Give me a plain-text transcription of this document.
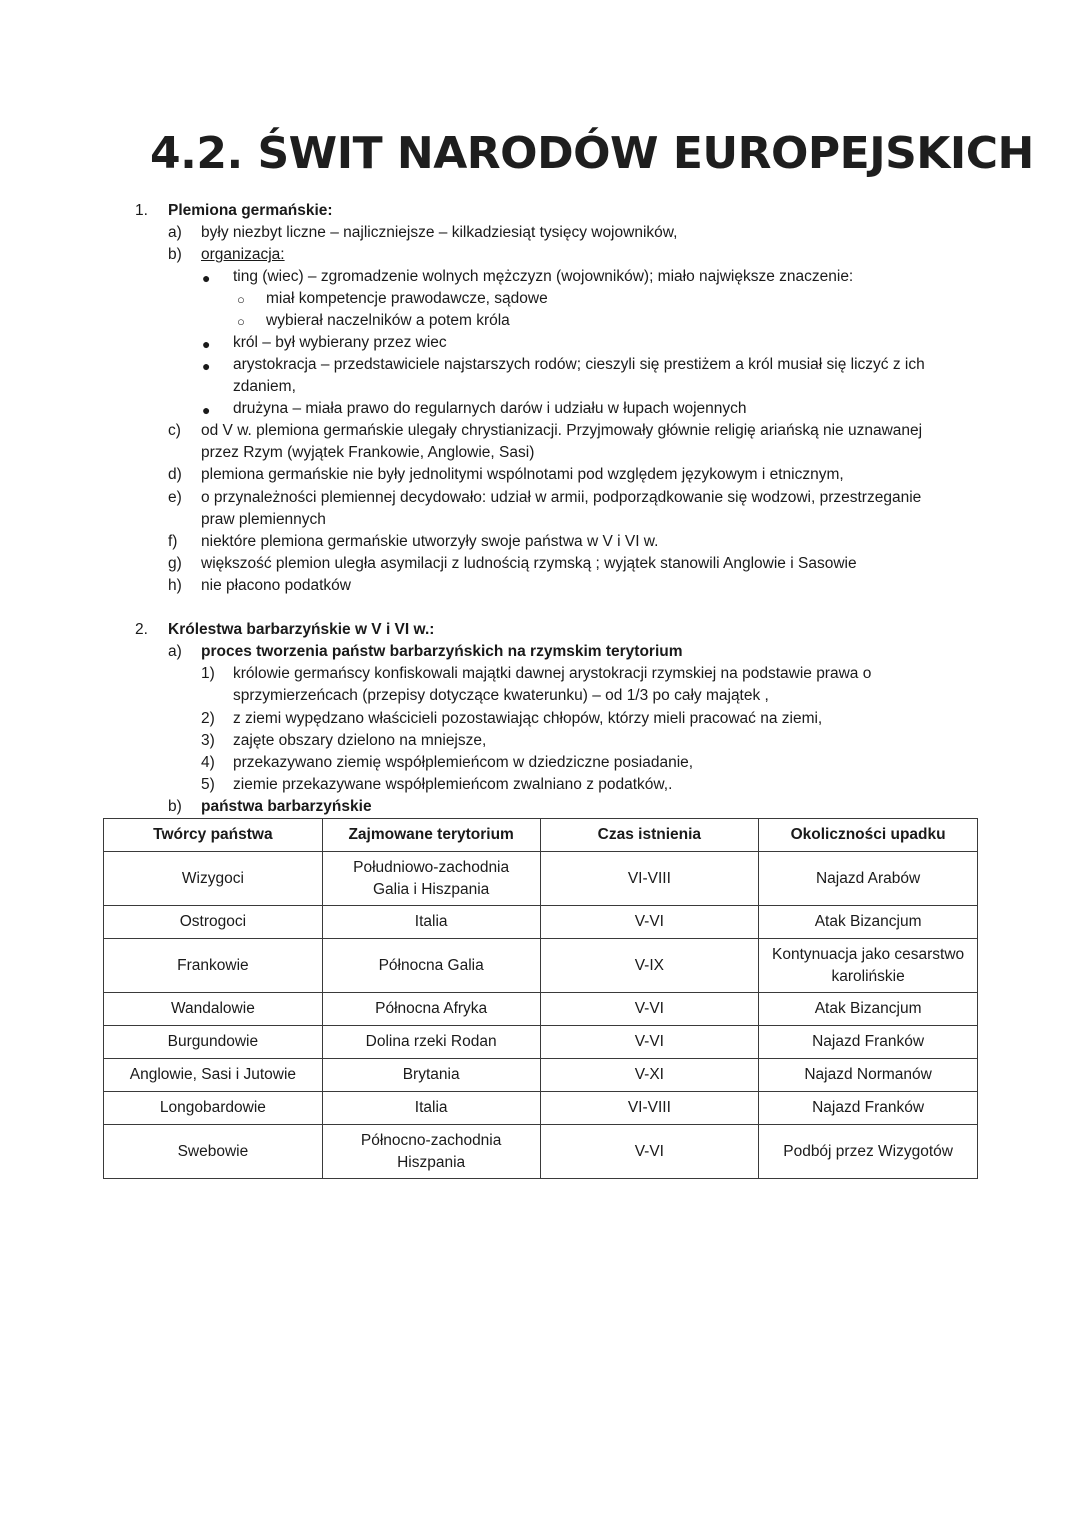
4.2. ŚWIT NARODÓW EUROPEJSKICH
1. Plemiona germańskie:
a) były niezbyt liczne – najliczniejsze – kilkadziesiąt tysięcy wojowników,
b) organizacja:
● ting (wiec) – zgromadzenie wolnych mężczyzn (wojowników); miało największe znaczenie:
○ miał kompetencje prawodawcze, sądowe
○ wybierał naczelników a potem króla
● król – był wybierany przez wiec
● arystokracja – przedstawiciele najstarszych rodów; cieszyli się prestiżem a król musiał się liczyć z ich
zdaniem,
● drużyna – miała prawo do regularnych darów i udziału w łupach wojennych
c) od V w. plemiona germańskie ulegały chrystianizacji. Przyjmowały głównie religię ariańską nie uznawanej
przez Rzym (wyjątek Frankowie, Anglowie, Sasi)
d) plemiona germańskie nie były jednolitymi wspólnotami pod względem językowym i etnicznym,
e) o przynależności plemiennej decydowało: udział w armii, podporządkowanie się wodzowi, przestrzeganie
praw plemiennych
f) niektóre plemiona germańskie utworzyły swoje państwa w V i VI w.
g) większość plemion uległa asymilacji z ludnością rzymską ; wyjątek stanowili Anglowie i Sasowie
h) nie płacono podatków
2. Królestwa barbarzyńskie w V i VI w.:
a) proces tworzenia państw barbarzyńskich na rzymskim terytorium
1) królowie germańscy konfiskowali majątki dawnej arystokracji rzymskiej na podstawie prawa o
sprzymierzeńcach (przepisy dotyczące kwaterunku) – od 1/3 po cały majątek ,
2) z ziemi wypędzano właścicieli pozostawiając chłopów, którzy mieli pracować na ziemi,
3) zajęte obszary dzielono na mniejsze,
4) przekazywano ziemię współplemieńcom w dziedziczne posiadanie,
5) ziemie przekazywane współplemieńcom zwalniano z podatków,.
b) państwa barbarzyńskie
Twórcy państwa	Zajmowane terytorium	Czas istnienia	Okoliczności upadku
Wizygoci	Południowo-zachodnia
Galia i Hiszpania	VI-VIII	Najazd Arabów
Ostrogoci	Italia	V-VI	Atak Bizancjum
Frankowie	Północna Galia	V-IX	Kontynuacja jako cesarstwo
karolińskie
Wandalowie	Północna Afryka	V-VI	Atak Bizancjum
Burgundowie	Dolina rzeki Rodan	V-VI	Najazd Franków
Anglowie, Sasi i Jutowie	Brytania	V-XI	Najazd Normanów
Longobardowie	Italia	VI-VIII	Najazd Franków
Swebowie	Północno-zachodnia
Hiszpania	V-VI	Podbój przez Wizygotów
